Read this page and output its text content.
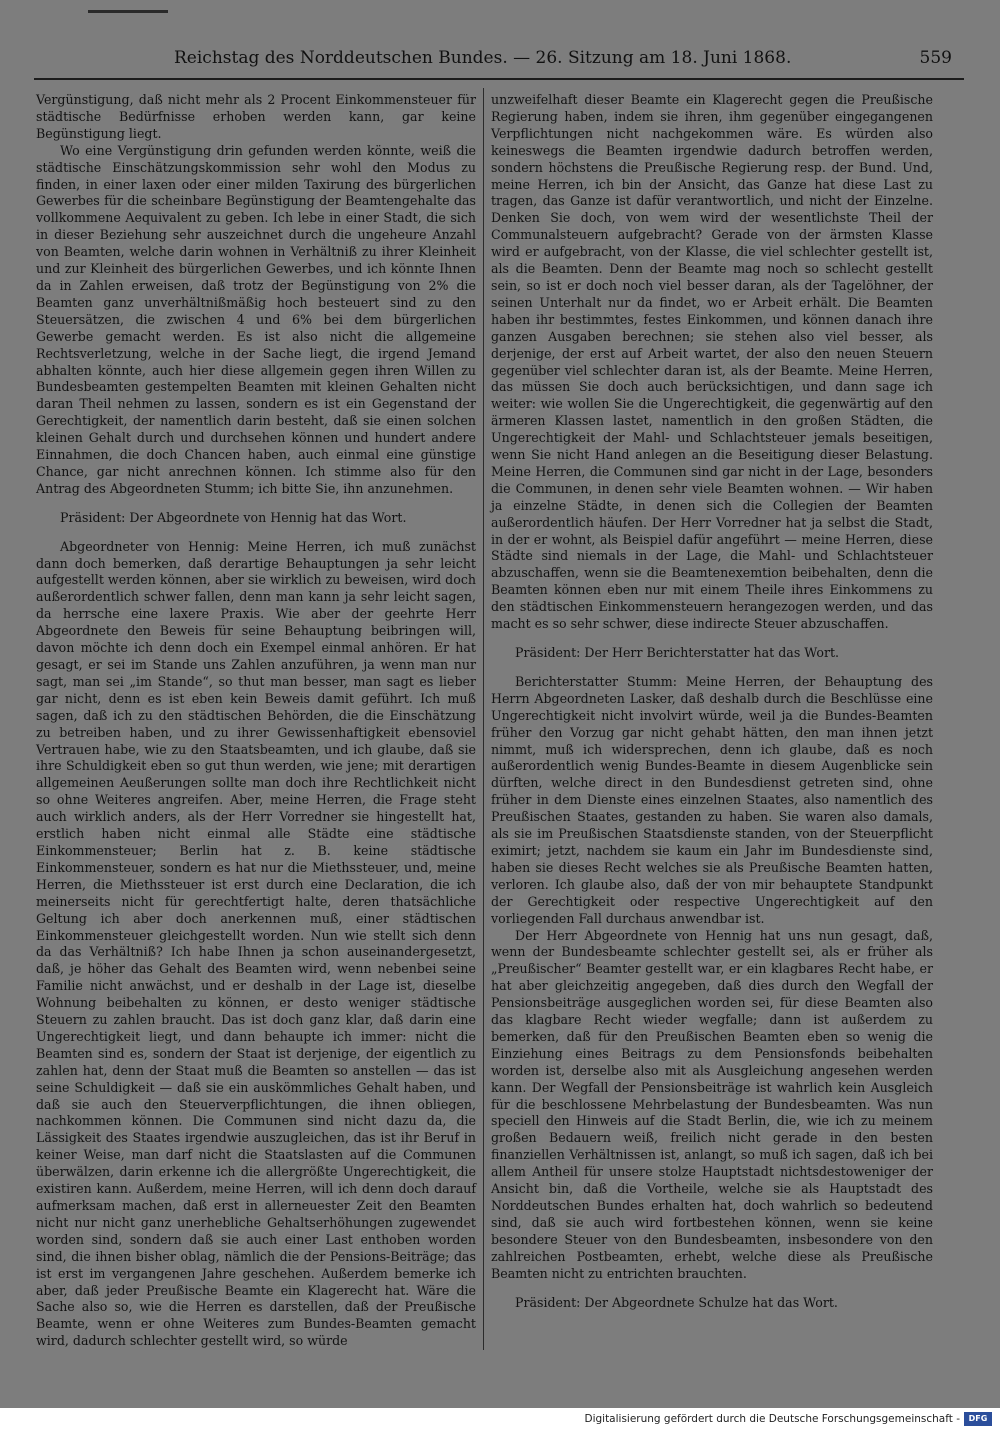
Reichstag des Norddeutschen Bundes. — 26. Sitzung am 18. Juni 1868.	559

Vergünstigung, daß nicht mehr als 2 Procent Einkommensteuer für städtische Bedürfnisse erhoben werden kann, gar keine Begünstigung liegt.

Wo eine Vergünstigung drin gefunden werden könnte, weiß die städtische Einschätzungskommission sehr wohl den Modus zu finden, in einer laxen oder einer milden Taxirung des bürgerlichen Gewerbes für die scheinbare Begünstigung der Beamtengehalte das vollkommene Aequivalent zu geben. Ich lebe in einer Stadt, die sich in dieser Beziehung sehr auszeichnet durch die ungeheure Anzahl von Beamten, welche darin wohnen in Verhältniß zu ihrer Kleinheit und zur Kleinheit des bürgerlichen Gewerbes, und ich könnte Ihnen da in Zahlen erweisen, daß trotz der Begünstigung von 2% die Beamten ganz unverhältnißmäßig hoch besteuert sind zu den Steuersätzen, die zwischen 4 und 6% bei dem bürgerlichen Gewerbe gemacht werden. Es ist also nicht die allgemeine Rechtsverletzung, welche in der Sache liegt, die irgend Jemand abhalten könnte, auch hier diese allgemein gegen ihren Willen zu Bundesbeamten gestempelten Beamten mit kleinen Gehalten nicht daran Theil nehmen zu lassen, sondern es ist ein Gegenstand der Gerechtigkeit, der namentlich darin besteht, daß sie einen solchen kleinen Gehalt durch und durchsehen können und hundert andere Einnahmen, die doch Chancen haben, auch einmal eine günstige Chance, gar nicht anrechnen können. Ich stimme also für den Antrag des Abgeordneten Stumm; ich bitte Sie, ihn anzunehmen.

Präsident: Der Abgeordnete von Hennig hat das Wort.

Abgeordneter von Hennig: Meine Herren, ich muß zunächst dann doch bemerken, daß derartige Behauptungen ja sehr leicht aufgestellt werden können, aber sie wirklich zu beweisen, wird doch außerordentlich schwer fallen, denn man kann ja sehr leicht sagen, da herrsche eine laxere Praxis. Wie aber der geehrte Herr Abgeordnete den Beweis für seine Behauptung beibringen will, davon möchte ich denn doch ein Exempel einmal anhören. Er hat gesagt, er sei im Stande uns Zahlen anzuführen, ja wenn man nur sagt, man sei „im Stande“, so thut man besser, man sagt es lieber gar nicht, denn es ist eben kein Beweis damit geführt. Ich muß sagen, daß ich zu den städtischen Behörden, die die Einschätzung zu betreiben haben, und zu ihrer Gewissenhaftigkeit ebensoviel Vertrauen habe, wie zu den Staatsbeamten, und ich glaube, daß sie ihre Schuldigkeit eben so gut thun werden, wie jene; mit derartigen allgemeinen Aeußerungen sollte man doch ihre Rechtlichkeit nicht so ohne Weiteres angreifen. Aber, meine Herren, die Frage steht auch wirklich anders, als der Herr Vorredner sie hingestellt hat, erstlich haben nicht einmal alle Städte eine städtische Einkommensteuer; Berlin hat z. B. keine städtische Einkommensteuer, sondern es hat nur die Miethssteuer, und, meine Herren, die Miethssteuer ist erst durch eine Declaration, die ich meinerseits nicht für gerechtfertigt halte, deren thatsächliche Geltung ich aber doch anerkennen muß, einer städtischen Einkommensteuer gleichgestellt worden. Nun wie stellt sich denn da das Verhältniß? Ich habe Ihnen ja schon auseinandergesetzt, daß, je höher das Gehalt des Beamten wird, wenn nebenbei seine Familie nicht anwächst, und er deshalb in der Lage ist, dieselbe Wohnung beibehalten zu können, er desto weniger städtische Steuern zu zahlen braucht. Das ist doch ganz klar, daß darin eine Ungerechtigkeit liegt, und dann behaupte ich immer: nicht die Beamten sind es, sondern der Staat ist derjenige, der eigentlich zu zahlen hat, denn der Staat muß die Beamten so anstellen — das ist seine Schuldigkeit — daß sie ein auskömmliches Gehalt haben, und daß sie auch den Steuerverpflichtungen, die ihnen obliegen, nachkommen können. Die Communen sind nicht dazu da, die Lässigkeit des Staates irgendwie auszugleichen, das ist ihr Beruf in keiner Weise, man darf nicht die Staatslasten auf die Communen überwälzen, darin erkenne ich die allergrößte Ungerechtigkeit, die existiren kann. Außerdem, meine Herren, will ich denn doch darauf aufmerksam machen, daß erst in allerneuester Zeit den Beamten nicht nur nicht ganz unerhebliche Gehaltserhöhungen zugewendet worden sind, sondern daß sie auch einer Last enthoben worden sind, die ihnen bisher oblag, nämlich die der Pensions-Beiträge; das ist erst im vergangenen Jahre geschehen. Außerdem bemerke ich aber, daß jeder Preußische Beamte ein Klagerecht hat. Wäre die Sache also so, wie die Herren es darstellen, daß der Preußische Beamte, wenn er ohne Weiteres zum Bundes-Beamten gemacht wird, dadurch schlechter gestellt wird, so würde

unzweifelhaft dieser Beamte ein Klagerecht gegen die Preußische Regierung haben, indem sie ihren, ihm gegenüber eingegangenen Verpflichtungen nicht nachgekommen wäre. Es würden also keineswegs die Beamten irgendwie dadurch betroffen werden, sondern höchstens die Preußische Regierung resp. der Bund. Und, meine Herren, ich bin der Ansicht, das Ganze hat diese Last zu tragen, das Ganze ist dafür verantwortlich, und nicht der Einzelne. Denken Sie doch, von wem wird der wesentlichste Theil der Communalsteuern aufgebracht? Gerade von der ärmsten Klasse wird er aufgebracht, von der Klasse, die viel schlechter gestellt ist, als die Beamten. Denn der Beamte mag noch so schlecht gestellt sein, so ist er doch noch viel besser daran, als der Tagelöhner, der seinen Unterhalt nur da findet, wo er Arbeit erhält. Die Beamten haben ihr bestimmtes, festes Einkommen, und können danach ihre ganzen Ausgaben berechnen; sie stehen also viel besser, als derjenige, der erst auf Arbeit wartet, der also den neuen Steuern gegenüber viel schlechter daran ist, als der Beamte. Meine Herren, das müssen Sie doch auch berücksichtigen, und dann sage ich weiter: wie wollen Sie die Ungerechtigkeit, die gegenwärtig auf den ärmeren Klassen lastet, namentlich in den großen Städten, die Ungerechtigkeit der Mahl- und Schlachtsteuer jemals beseitigen, wenn Sie nicht Hand anlegen an die Beseitigung dieser Belastung. Meine Herren, die Communen sind gar nicht in der Lage, besonders die Communen, in denen sehr viele Beamten wohnen. — Wir haben ja einzelne Städte, in denen sich die Collegien der Beamten außerordentlich häufen. Der Herr Vorredner hat ja selbst die Stadt, in der er wohnt, als Beispiel dafür angeführt — meine Herren, diese Städte sind niemals in der Lage, die Mahl- und Schlachtsteuer abzuschaffen, wenn sie die Beamtenexemtion beibehalten, denn die Beamten können eben nur mit einem Theile ihres Einkommens zu den städtischen Einkommensteuern herangezogen werden, und das macht es so sehr schwer, diese indirecte Steuer abzuschaffen.

Präsident: Der Herr Berichterstatter hat das Wort.

Berichterstatter Stumm: Meine Herren, der Behauptung des Herrn Abgeordneten Lasker, daß deshalb durch die Beschlüsse eine Ungerechtigkeit nicht involvirt würde, weil ja die Bundes-Beamten früher den Vorzug gar nicht gehabt hätten, den man ihnen jetzt nimmt, muß ich widersprechen, denn ich glaube, daß es noch außerordentlich wenig Bundes-Beamte in diesem Augenblicke sein dürften, welche direct in den Bundesdienst getreten sind, ohne früher in dem Dienste eines einzelnen Staates, also namentlich des Preußischen Staates, gestanden zu haben. Sie waren also damals, als sie im Preußischen Staatsdienste standen, von der Steuerpflicht eximirt; jetzt, nachdem sie kaum ein Jahr im Bundesdienste sind, haben sie dieses Recht welches sie als Preußische Beamten hatten, verloren. Ich glaube also, daß der von mir behauptete Standpunkt der Gerechtigkeit oder respective Ungerechtigkeit auf den vorliegenden Fall durchaus anwendbar ist.

Der Herr Abgeordnete von Hennig hat uns nun gesagt, daß, wenn der Bundesbeamte schlechter gestellt sei, als er früher als „Preußischer“ Beamter gestellt war, er ein klagbares Recht habe, er hat aber gleichzeitig angegeben, daß dies durch den Wegfall der Pensionsbeiträge ausgeglichen worden sei, für diese Beamten also das klagbare Recht wieder wegfalle; dann ist außerdem zu bemerken, daß für den Preußischen Beamten eben so wenig die Einziehung eines Beitrags zu dem Pensionsfonds beibehalten worden ist, derselbe also mit als Ausgleichung angesehen werden kann. Der Wegfall der Pensionsbeiträge ist wahrlich kein Ausgleich für die beschlossene Mehrbelastung der Bundesbeamten. Was nun speciell den Hinweis auf die Stadt Berlin, die, wie ich zu meinem großen Bedauern weiß, freilich nicht gerade in den besten finanziellen Verhältnissen ist, anlangt, so muß ich sagen, daß ich bei allem Antheil für unsere stolze Hauptstadt nichtsdestoweniger der Ansicht bin, daß die Vortheile, welche sie als Hauptstadt des Norddeutschen Bundes erhalten hat, doch wahrlich so bedeutend sind, daß sie auch wird fortbestehen können, wenn sie keine besondere Steuer von den Bundesbeamten, insbesondere von den zahlreichen Postbeamten, erhebt, welche diese als Preußische Beamten nicht zu entrichten brauchten.

Präsident: Der Abgeordnete Schulze hat das Wort.

Digitalisierung gefördert durch die Deutsche Forschungsgemeinschaft -	DFG
